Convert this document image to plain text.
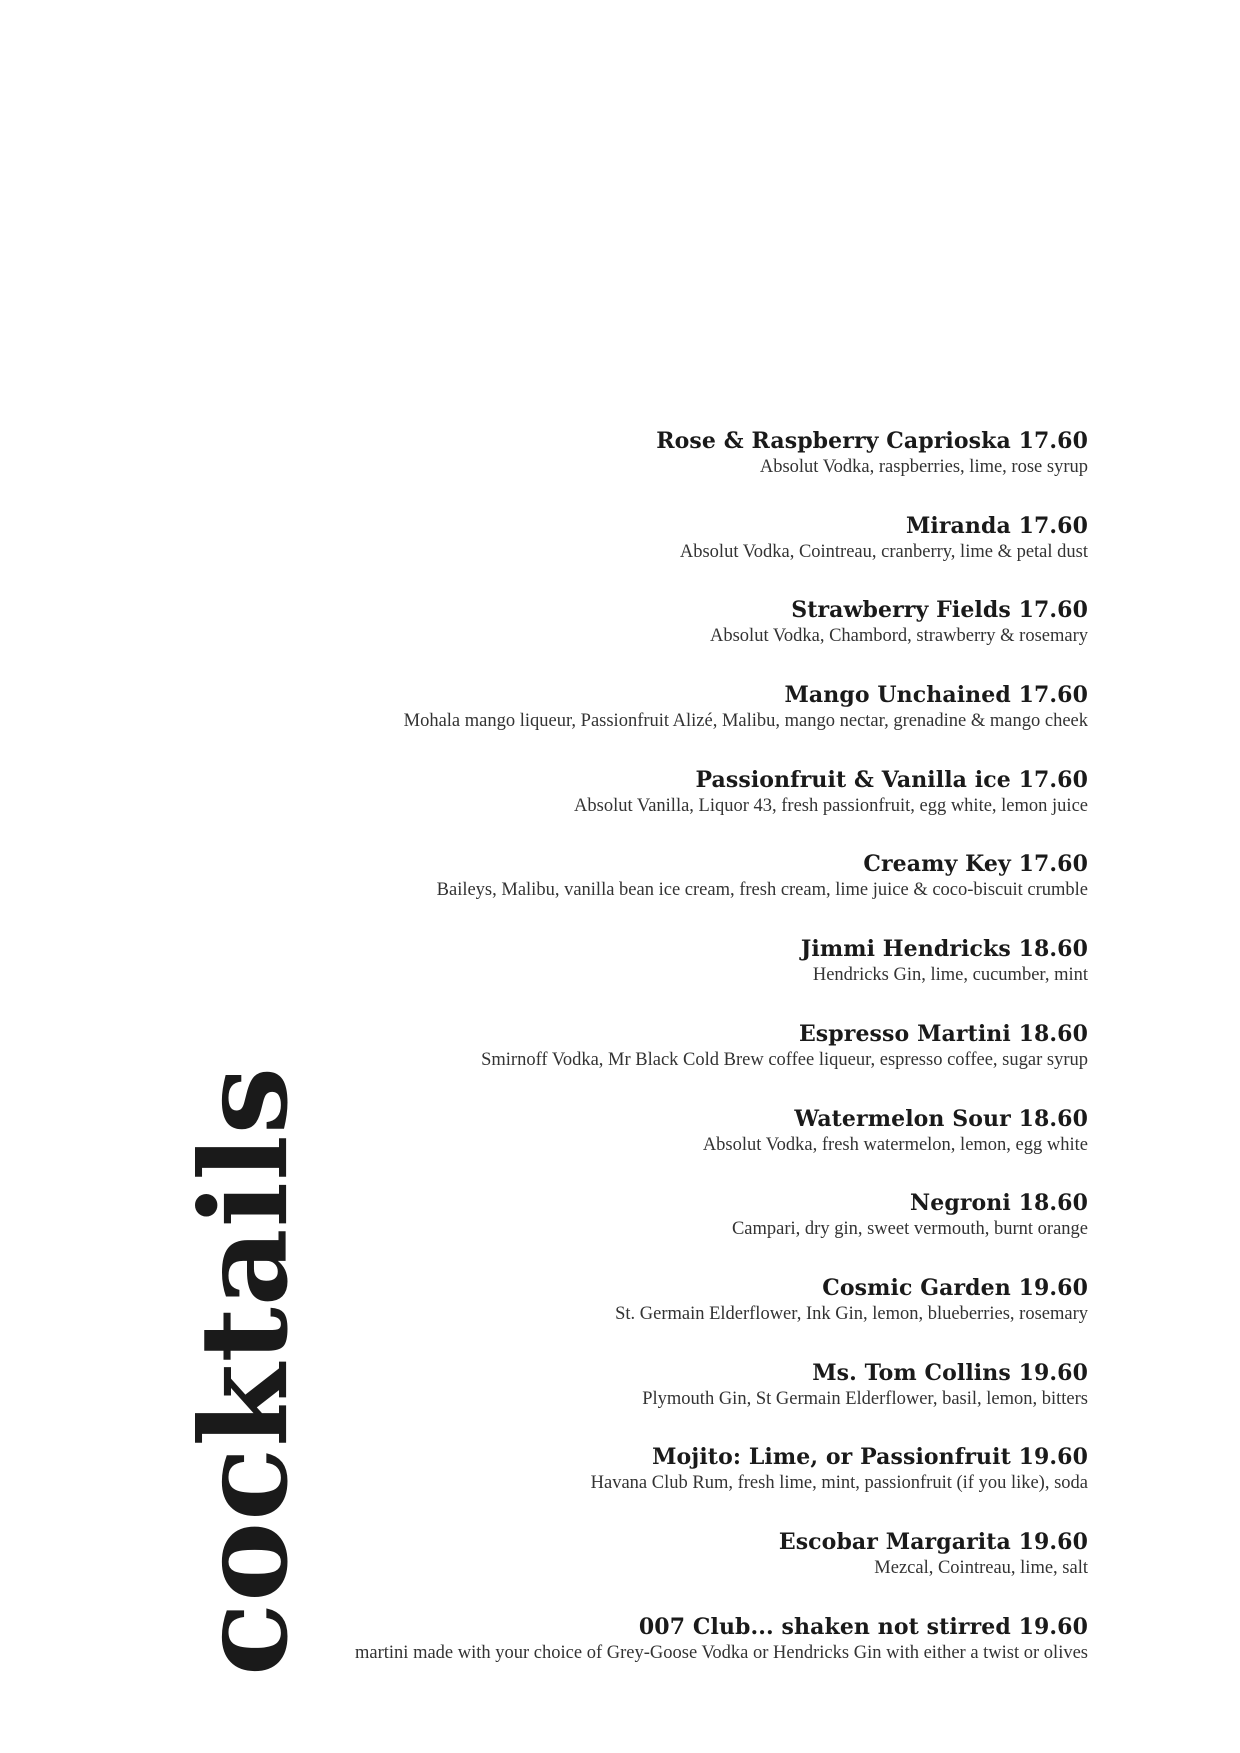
cocktails
Rose & Raspberry Caprioska 17.60
Absolut Vodka, raspberries, lime, rose syrup
Miranda 17.60
Absolut Vodka, Cointreau, cranberry, lime & petal dust
Strawberry Fields 17.60
Absolut Vodka, Chambord, strawberry & rosemary
Mango Unchained 17.60
Mohala mango liqueur, Passionfruit Alizé, Malibu, mango nectar, grenadine & mango cheek
Passionfruit & Vanilla ice 17.60
Absolut Vanilla, Liquor 43, fresh passionfruit, egg white, lemon juice
Creamy Key 17.60
Baileys, Malibu, vanilla bean ice cream, fresh cream, lime juice & coco-biscuit crumble
Jimmi Hendricks 18.60
Hendricks Gin, lime, cucumber, mint
Espresso Martini 18.60
Smirnoff Vodka, Mr Black Cold Brew coffee liqueur, espresso coffee, sugar syrup
Watermelon Sour 18.60
Absolut Vodka, fresh watermelon, lemon, egg white
Negroni 18.60
Campari, dry gin, sweet vermouth, burnt orange
Cosmic Garden 19.60
St. Germain Elderflower, Ink Gin, lemon, blueberries, rosemary
Ms. Tom Collins 19.60
Plymouth Gin, St Germain Elderflower, basil, lemon, bitters
Mojito: Lime, or Passionfruit 19.60
Havana Club Rum, fresh lime, mint, passionfruit (if you like), soda
Escobar Margarita 19.60
Mezcal, Cointreau, lime, salt
007 Club... shaken not stirred 19.60
martini made with your choice of Grey-Goose Vodka or Hendricks Gin with either a twist or olives
